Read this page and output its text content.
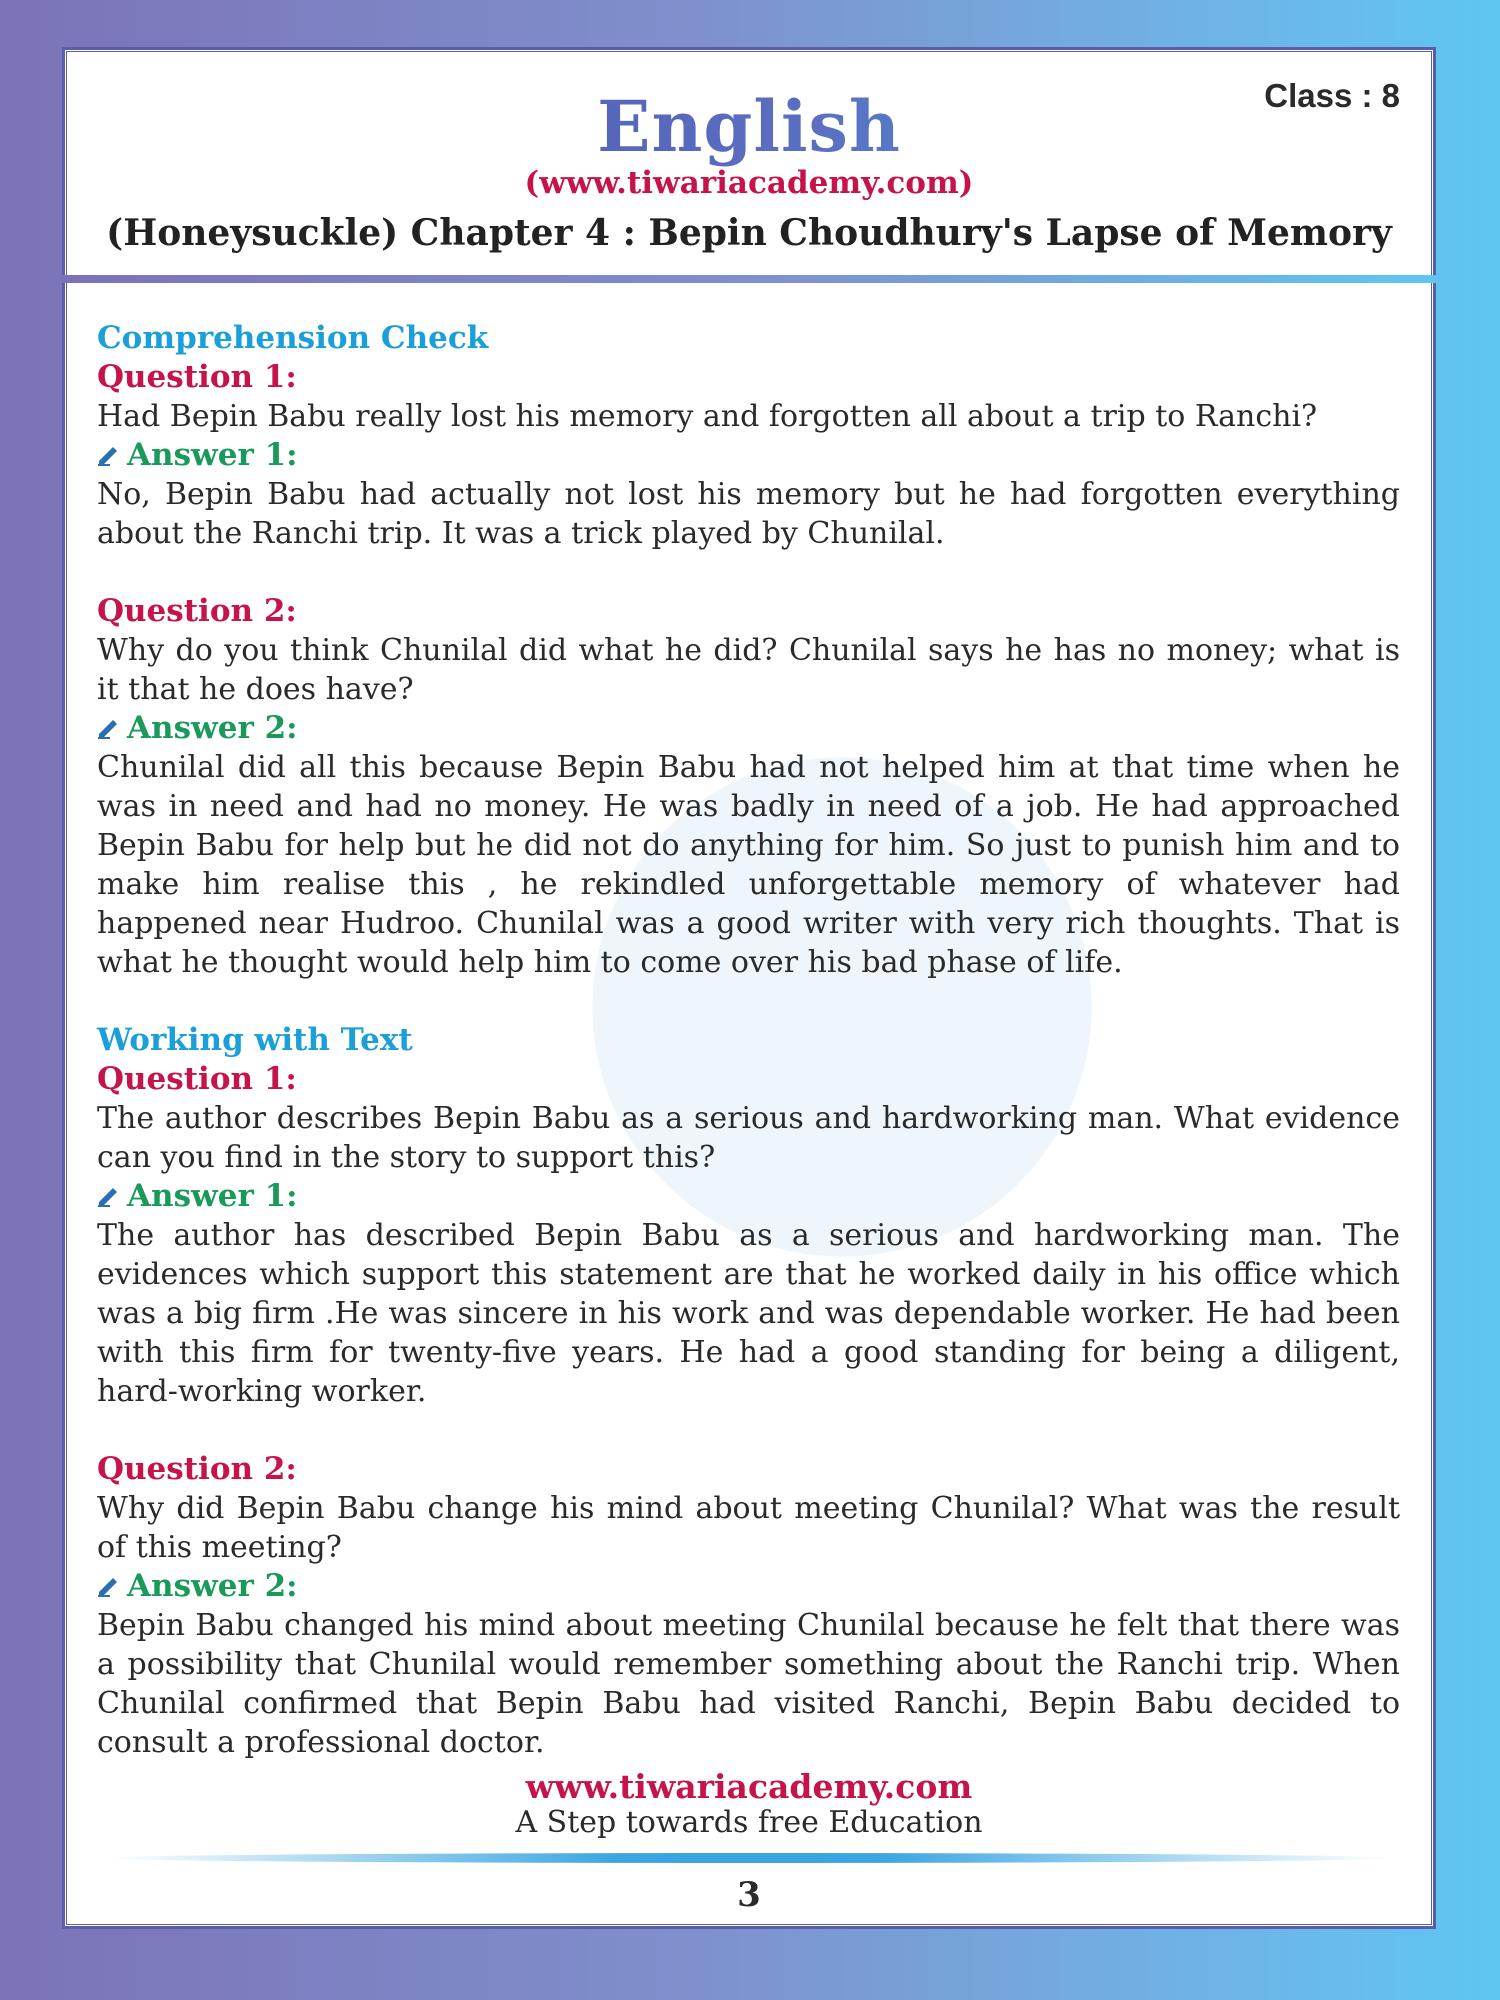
English	Class : 8
(www.tiwariacademy.com)
(Honeysuckle) Chapter 4 : Bepin Choudhury's Lapse of Memory
Comprehension Check
Question 1:

Had Bepin Babu really lost his memory and forgotten all about a trip to Ranchi?

Answer 1:

No, Bepin Babu had actually not lost his memory but he had forgotten everything about the Ranchi trip. It was a trick played by Chunilal.

Question 2:

Why do you think Chunilal did what he did? Chunilal says he has no money; what is it that he does have?

Answer 2:

Chunilal did all this because Bepin Babu had not helped him at that time when he was in need and had no money. He was badly in need of a job. He had approached Bepin Babu for help but he did not do anything for him. So just to punish him and to make him realise this , he rekindled unforgettable memory of whatever had happened near Hudroo. Chunilal was a good writer with very rich thoughts. That is what he thought would help him to come over his bad phase of life.

Working with Text
Question 1:

The author describes Bepin Babu as a serious and hardworking man. What evidence can you find in the story to support this?

Answer 1:

The author has described Bepin Babu as a serious and hardworking man. The evidences which support this statement are that he worked daily in his office which was a big firm .He was sincere in his work and was dependable worker. He had been with this firm for twenty-five years. He had a good standing for being a diligent, hard-working worker.

Question 2:

Why did Bepin Babu change his mind about meeting Chunilal? What was the result of this meeting?

Answer 2:

Bepin Babu changed his mind about meeting Chunilal because he felt that there was a possibility that Chunilal would remember something about the Ranchi trip. When Chunilal confirmed that Bepin Babu had visited Ranchi, Bepin Babu decided to consult a professional doctor.

www.tiwariacademy.com
A Step towards free Education
3
